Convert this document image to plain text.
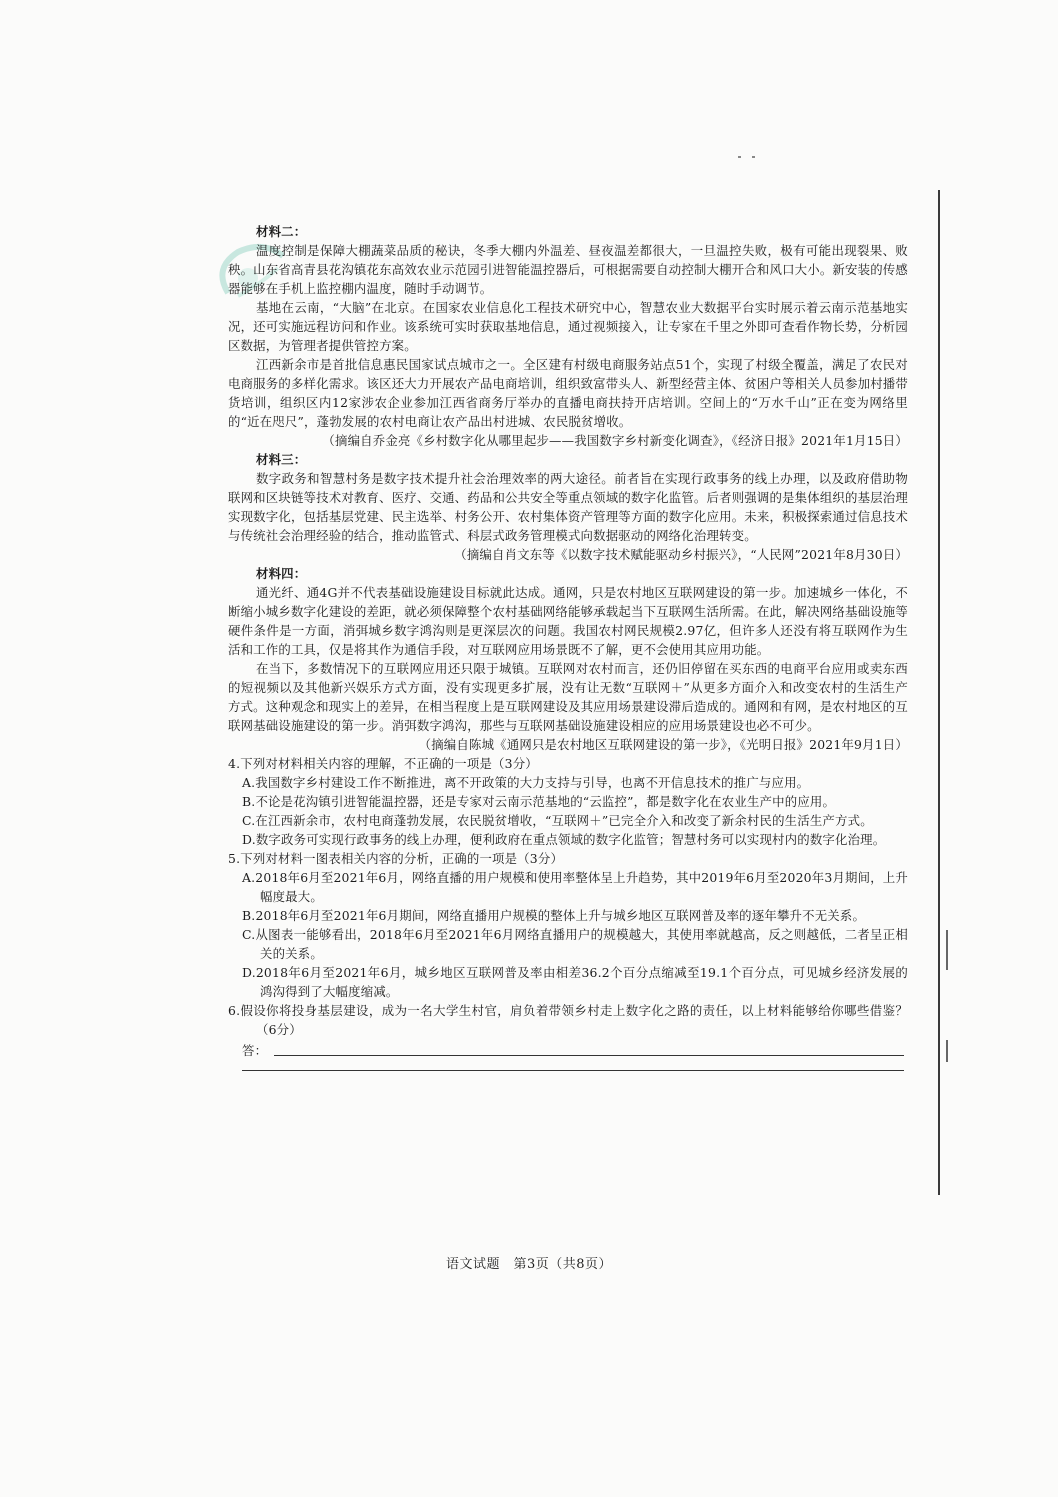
材料二：

温度控制是保障大棚蔬菜品质的秘诀，冬季大棚内外温差、昼夜温差都很大，一旦温控失败，极有可能出现裂果、败秧。山东省高青县花沟镇花东高效农业示范园引进智能温控器后，可根据需要自动控制大棚开合和风口大小。新安装的传感器能够在手机上监控棚内温度，随时手动调节。

基地在云南，“大脑”在北京。在国家农业信息化工程技术研究中心，智慧农业大数据平台实时展示着云南示范基地实况，还可实施远程访问和作业。该系统可实时获取基地信息，通过视频接入，让专家在千里之外即可查看作物长势，分析园区数据，为管理者提供管控方案。

江西新余市是首批信息惠民国家试点城市之一。全区建有村级电商服务站点51个，实现了村级全覆盖，满足了农民对电商服务的多样化需求。该区还大力开展农产品电商培训，组织致富带头人、新型经营主体、贫困户等相关人员参加村播带货培训，组织区内12家涉农企业参加江西省商务厅举办的直播电商扶持开店培训。空间上的“万水千山”正在变为网络里的“近在咫尺”，蓬勃发展的农村电商让农产品出村进城、农民脱贫增收。

（摘编自乔金亮《乡村数字化从哪里起步——我国数字乡村新变化调查》，《经济日报》2021年1月15日）

材料三：

数字政务和智慧村务是数字技术提升社会治理效率的两大途径。前者旨在实现行政事务的线上办理，以及政府借助物联网和区块链等技术对教育、医疗、交通、药品和公共安全等重点领域的数字化监管。后者则强调的是集体组织的基层治理实现数字化，包括基层党建、民主选举、村务公开、农村集体资产管理等方面的数字化应用。未来，积极探索通过信息技术与传统社会治理经验的结合，推动监管式、科层式政务管理模式向数据驱动的网络化治理转变。

（摘编自肖文东等《以数字技术赋能驱动乡村振兴》，“人民网”2021年8月30日）

材料四：

通光纤、通4G并不代表基础设施建设目标就此达成。通网，只是农村地区互联网建设的第一步。加速城乡一体化，不断缩小城乡数字化建设的差距，就必须保障整个农村基础网络能够承载起当下互联网生活所需。在此，解决网络基础设施等硬件条件是一方面，消弭城乡数字鸿沟则是更深层次的问题。我国农村网民规模2.97亿，但许多人还没有将互联网作为生活和工作的工具，仅是将其作为通信手段，对互联网应用场景既不了解，更不会使用其应用功能。

在当下，多数情况下的互联网应用还只限于城镇。互联网对农村而言，还仍旧停留在买东西的电商平台应用或卖东西的短视频以及其他新兴娱乐方式方面，没有实现更多扩展，没有让无数“互联网＋”从更多方面介入和改变农村的生活生产方式。这种观念和现实上的差异，在相当程度上是互联网建设及其应用场景建设滞后造成的。通网和有网，是农村地区的互联网基础设施建设的第一步。消弭数字鸿沟，那些与互联网基础设施建设相应的应用场景建设也必不可少。

（摘编自陈城《通网只是农村地区互联网建设的第一步》，《光明日报》2021年9月1日）

4.下列对材料相关内容的理解，不正确的一项是（3分）

A.我国数字乡村建设工作不断推进，离不开政策的大力支持与引导，也离不开信息技术的推广与应用。

B.不论是花沟镇引进智能温控器，还是专家对云南示范基地的“云监控”，都是数字化在农业生产中的应用。

C.在江西新余市，农村电商蓬勃发展，农民脱贫增收，“互联网＋”已完全介入和改变了新余村民的生活生产方式。

D.数字政务可实现行政事务的线上办理，便利政府在重点领域的数字化监管；智慧村务可以实现村内的数字化治理。

5.下列对材料一图表相关内容的分析，正确的一项是（3分）

A.2018年6月至2021年6月，网络直播的用户规模和使用率整体呈上升趋势，其中2019年6月至2020年3月期间，上升幅度最大。

B.2018年6月至2021年6月期间，网络直播用户规模的整体上升与城乡地区互联网普及率的逐年攀升不无关系。

C.从图表一能够看出，2018年6月至2021年6月网络直播用户的规模越大，其使用率就越高，反之则越低，二者呈正相关的关系。

D.2018年6月至2021年6月，城乡地区互联网普及率由相差36.2个百分点缩减至19.1个百分点，可见城乡经济发展的鸿沟得到了大幅度缩减。

6.假设你将投身基层建设，成为一名大学生村官，肩负着带领乡村走上数字化之路的责任，以上材料能够给你哪些借鉴？（6分）

答：
语文试题　第3页（共8页）
